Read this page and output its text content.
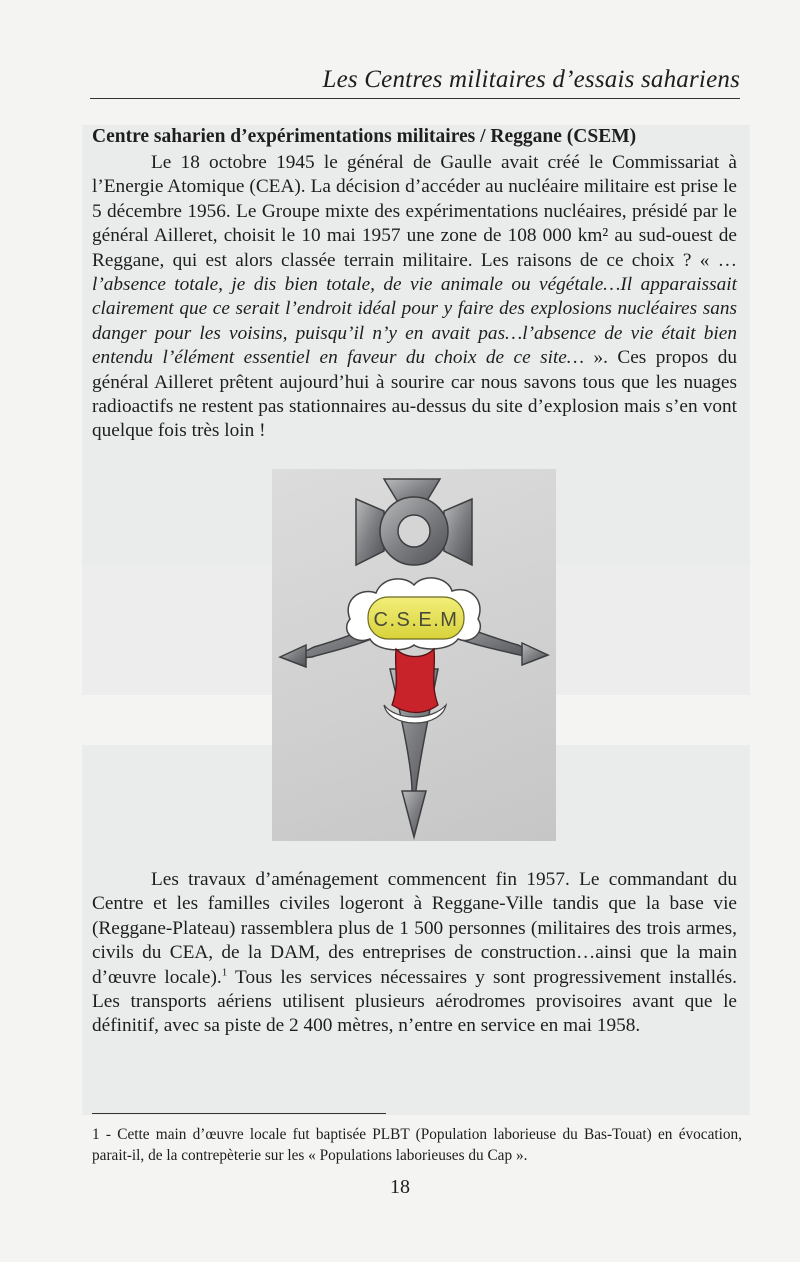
Les Centres militaires d’essais sahariens
Centre saharien d’expérimentations militaires / Reggane (CSEM)

Le 18 octobre 1945 le général de Gaulle avait créé le Commissariat à l’Energie Atomique (CEA). La décision d’accéder au nucléaire militaire est prise le 5 décembre 1956. Le Groupe mixte des expérimentations nucléaires, présidé par le général Ailleret, choisit le 10 mai 1957 une zone de 108 000 km² au sud-ouest de Reggane, qui est alors classée terrain militaire. Les raisons de ce choix ? « …l’absence totale, je dis bien totale, de vie animale ou végétale…Il apparaissait clairement que ce serait l’endroit idéal pour y faire des explosions nucléaires sans danger pour les voisins, puisqu’il n’y en avait pas…l’absence de vie était bien entendu l’élément essentiel en faveur du choix de ce site… ». Ces propos du général Ailleret prêtent aujourd’hui à sourire car nous savons tous que les nuages radioactifs ne restent pas stationnaires au-dessus du site d’explosion mais s’en vont quelque fois très loin !

C.S.E.M

Les travaux d’aménagement commencent fin 1957. Le commandant du Centre et les familles civiles logeront à Reggane-Ville tandis que la base vie (Reggane-Plateau) rassemblera plus de 1 500 personnes (militaires des trois armes, civils du CEA, de la DAM, des entreprises de construction…ainsi que la main d’œuvre locale).$^1$ Tous les services nécessaires y sont progressivement installés. Les transports aériens utilisent plusieurs aérodromes provisoires avant que le définitif, avec sa piste de 2 400 mètres, n’entre en service en mai 1958.

1 - Cette main d’œuvre locale fut baptisée PLBT (Population laborieuse du Bas-Touat) en évocation, parait-il, de la contrepèterie sur les « Populations laborieuses du Cap ».
18
